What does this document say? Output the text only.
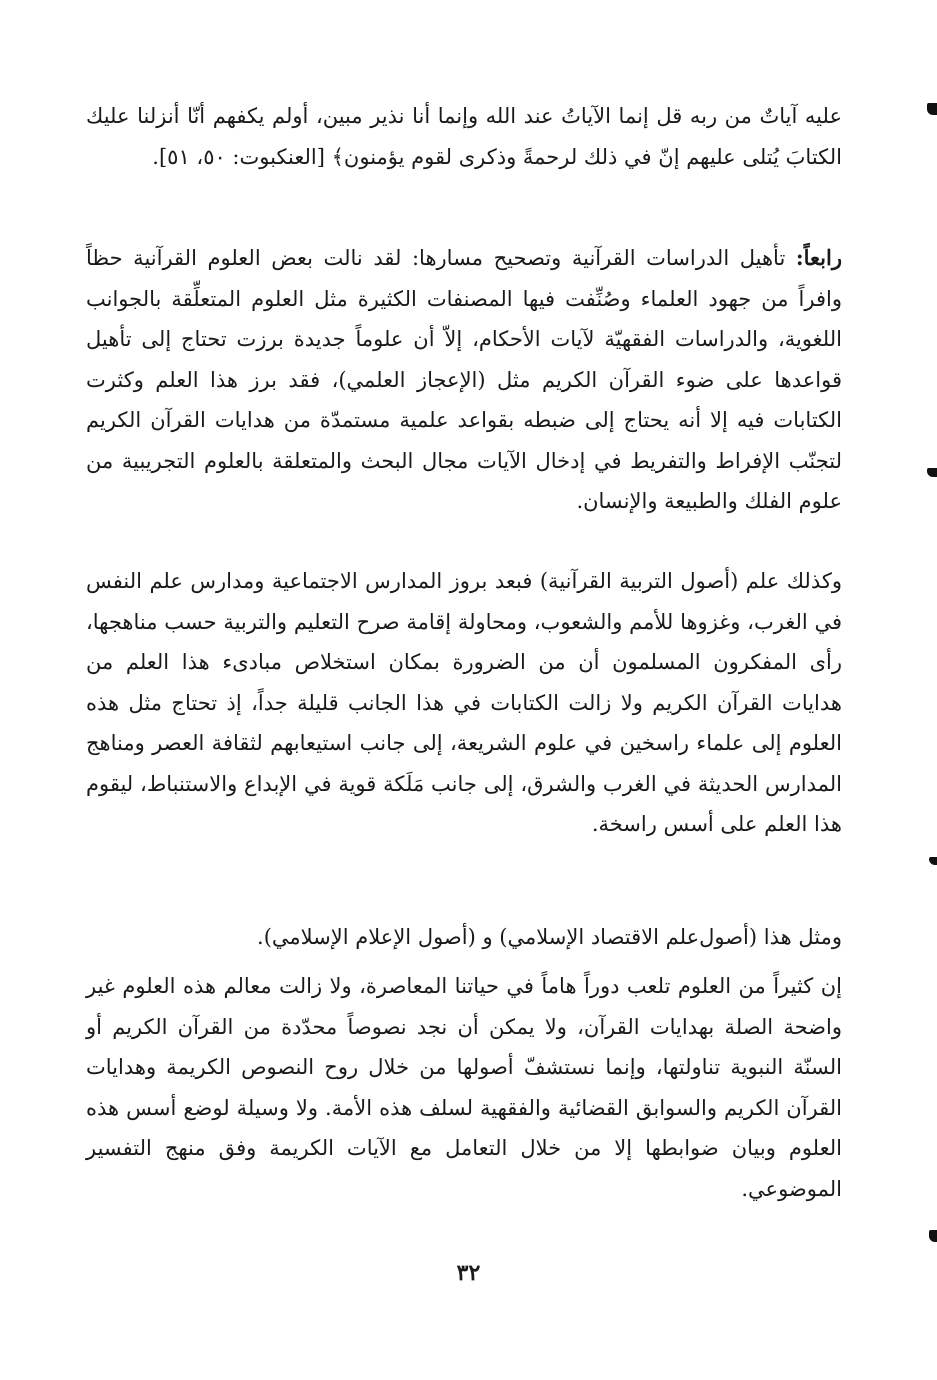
عليه آياتٌ من ربه قل إنما الآياتُ عند الله وإنما أنا نذير مبين، أولم يكفهم أنّا أنزلنا عليك الكتابَ يُتلى عليهم إنّ في ذلك لرحمةً وذكرى لقوم يؤمنون﴾ [العنكبوت: ٥٠، ٥١].

رابعاً: تأهيل الدراسات القرآنية وتصحيح مسارها: لقد نالت بعض العلوم القرآنية حظاً وافراً من جهود العلماء وصُنِّفت فيها المصنفات الكثيرة مثل العلوم المتعلِّقة بالجوانب اللغوية، والدراسات الفقهيّة لآيات الأحكام، إلاّ أن علوماً جديدة برزت تحتاج إلى تأهيل قواعدها على ضوء القرآن الكريم مثل (الإعجاز العلمي)، فقد برز هذا العلم وكثرت الكتابات فيه إلا أنه يحتاج إلى ضبطه بقواعد علمية مستمدّة من هدايات القرآن الكريم لتجنّب الإفراط والتفريط في إدخال الآيات مجال البحث والمتعلقة بالعلوم التجريبية من علوم الفلك والطبيعة والإنسان.

وكذلك علم (أصول التربية القرآنية) فبعد بروز المدارس الاجتماعية ومدارس علم النفس في الغرب، وغزوها للأمم والشعوب، ومحاولة إقامة صرح التعليم والتربية حسب مناهجها، رأى المفكرون المسلمون أن من الضرورة بمكان استخلاص مبادىء هذا العلم من هدايات القرآن الكريم ولا زالت الكتابات في هذا الجانب قليلة جداً، إذ تحتاج مثل هذه العلوم إلى علماء راسخين في علوم الشريعة، إلى جانب استيعابهم لثقافة العصر ومناهج المدارس الحديثة في الغرب والشرق، إلى جانب مَلَكة قوية في الإبداع والاستنباط، ليقوم هذا العلم على أسس راسخة.

ومثل هذا (أصول‌علم الاقتصاد الإسلامي) و (أصول الإعلام الإسلامي).

إن كثيراً من العلوم تلعب دوراً هاماً في حياتنا المعاصرة، ولا زالت معالم هذه العلوم غير واضحة الصلة بهدايات القرآن، ولا يمكن أن نجد نصوصاً محدّدة من القرآن الكريم أو السنّة النبوية تناولتها، وإنما نستشفّ أصولها من خلال روح النصوص الكريمة وهدايات القرآن الكريم والسوابق القضائية والفقهية لسلف هذه الأمة. ولا وسيلة لوضع أسس هذه العلوم وبيان ضوابطها إلا من خلال التعامل مع الآيات الكريمة وفق منهج التفسير الموضوعي.

٣٢
